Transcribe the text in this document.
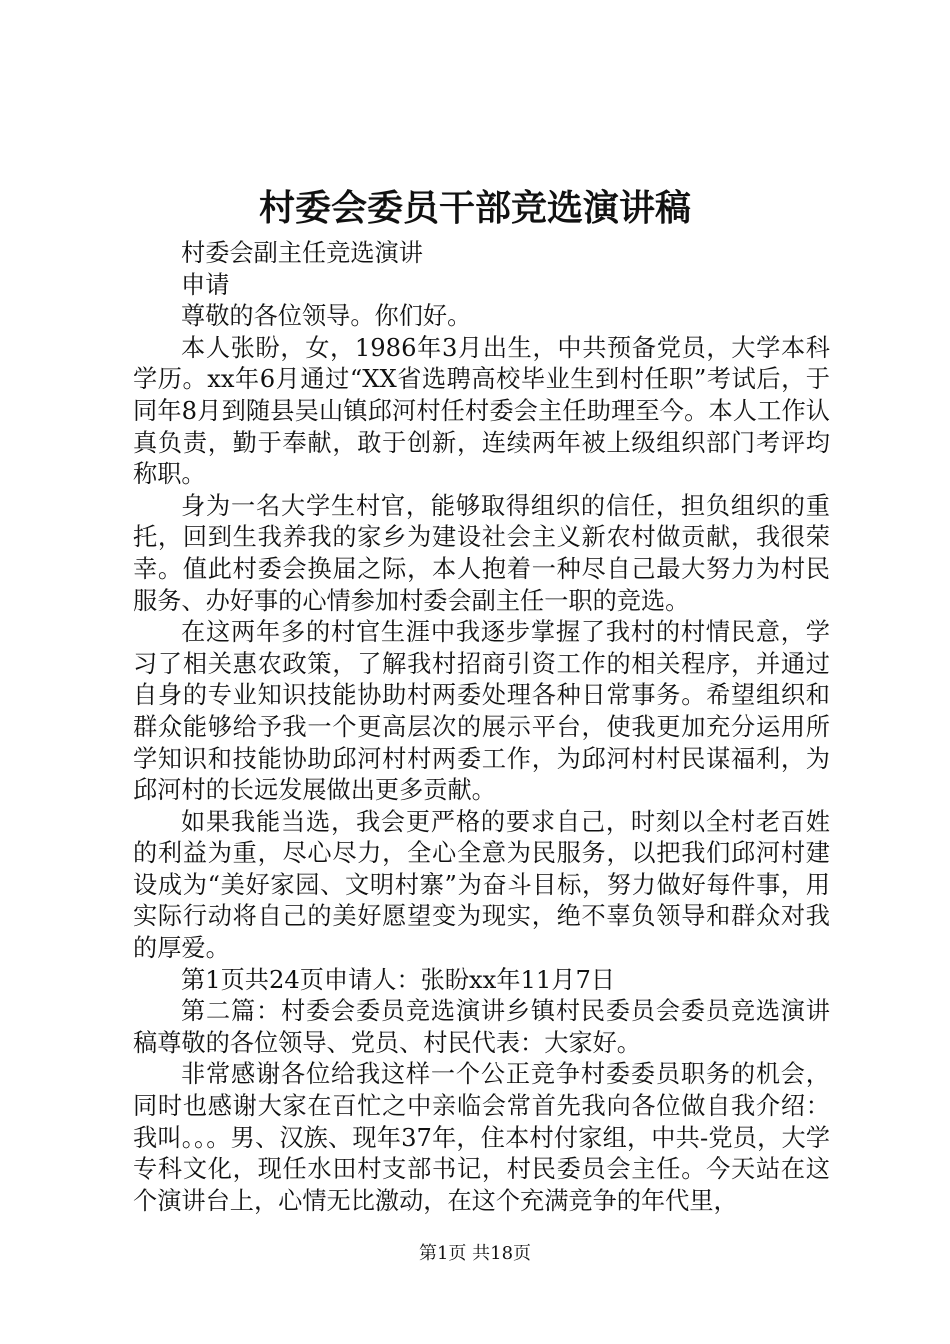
村委会委员干部竞选演讲稿

村委会副主任竞选演讲

申请

尊敬的各位领导。你们好。

本人张盼，女，1986年3月出生，中共预备党员，大学本科学历。xx年6月通过“XX省选聘高校毕业生到村任职”考试后，于同年8月到随县吴山镇邱河村任村委会主任助理至今。本人工作认真负责，勤于奉献，敢于创新，连续两年被上级组织部门考评均称职。

身为一名大学生村官，能够取得组织的信任，担负组织的重托，回到生我养我的家乡为建设社会主义新农村做贡献，我很荣幸。值此村委会换届之际，本人抱着一种尽自己最大努力为村民服务、办好事的心情参加村委会副主任一职的竞选。

在这两年多的村官生涯中我逐步掌握了我村的村情民意，学习了相关惠农政策，了解我村招商引资工作的相关程序，并通过自身的专业知识技能协助村两委处理各种日常事务。希望组织和群众能够给予我一个更高层次的展示平台，使我更加充分运用所学知识和技能协助邱河村村两委工作，为邱河村村民谋福利，为邱河村的长远发展做出更多贡献。

如果我能当选，我会更严格的要求自己，时刻以全村老百姓的利益为重，尽心尽力，全心全意为民服务，以把我们邱河村建设成为“美好家园、文明村寨”为奋斗目标，努力做好每件事，用实际行动将自己的美好愿望变为现实，绝不辜负领导和群众对我的厚爱。

第1页共24页申请人：张盼xx年11月7日

第二篇：村委会委员竞选演讲乡镇村民委员会委员竞选演讲稿尊敬的各位领导、党员、村民代表：大家好。

非常感谢各位给我这样一个公正竞争村委委员职务的机会，同时也感谢大家在百忙之中亲临会常首先我向各位做自我介绍：我叫。。。男、汉族、现年37年，住本村付家组，中共-党员，大学专科文化，现任水田村支部书记，村民委员会主任。今天站在这个演讲台上，心情无比激动，在这个充满竞争的年代里，

第1页 共18页
